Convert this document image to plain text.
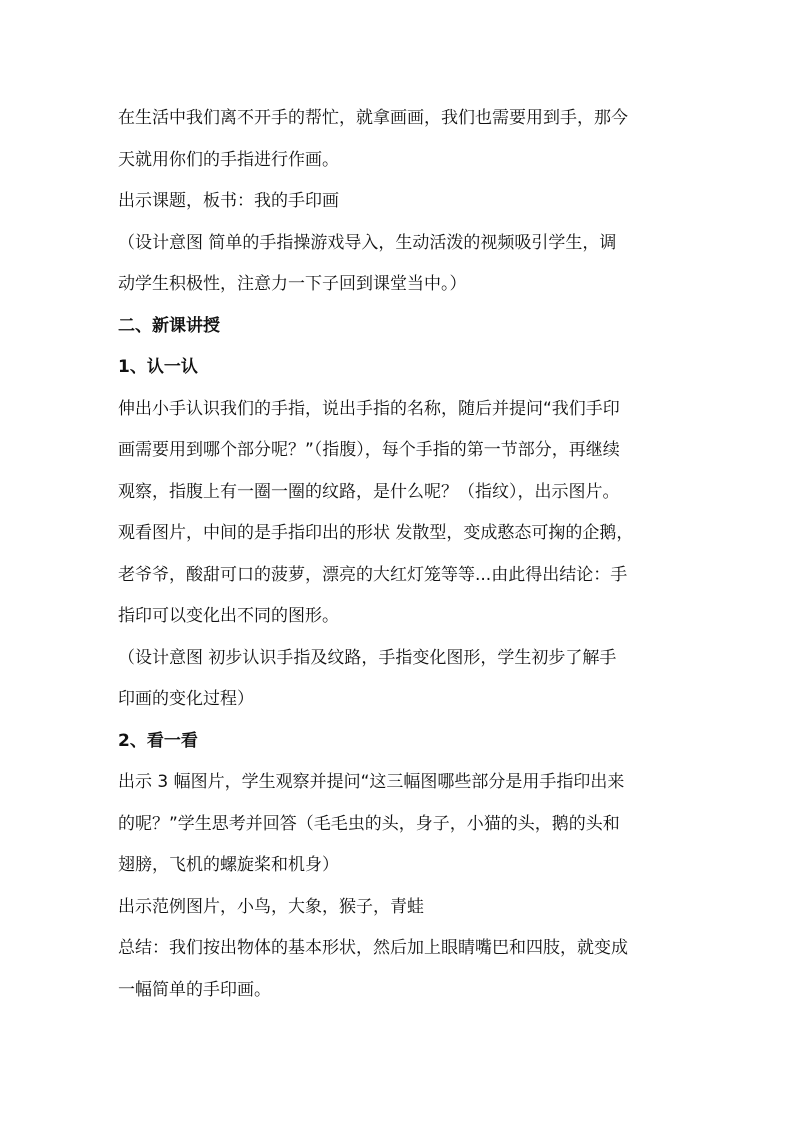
在生活中我们离不开手的帮忙，就拿画画，我们也需要用到手，那今
天就用你们的手指进行作画。
出示课题，板书：我的手印画
（设计意图 简单的手指操游戏导入，生动活泼的视频吸引学生，调
动学生积极性，注意力一下子回到课堂当中。）
二、新课讲授
1、认一认
伸出小手认识我们的手指，说出手指的名称，随后并提问“我们手印
画需要用到哪个部分呢？”（指腹），每个手指的第一节部分，再继续
观察，指腹上有一圈一圈的纹路，是什么呢？（指纹），出示图片。
观看图片，中间的是手指印出的形状 发散型，变成憨态可掬的企鹅，
老爷爷，酸甜可口的菠萝，漂亮的大红灯笼等等...由此得出结论：手
指印可以变化出不同的图形。
（设计意图 初步认识手指及纹路，手指变化图形，学生初步了解手
印画的变化过程）
2、看一看
出示 3 幅图片，学生观察并提问“这三幅图哪些部分是用手指印出来
的呢？”学生思考并回答（毛毛虫的头，身子，小猫的头，鹅的头和
翅膀，飞机的螺旋桨和机身）
出示范例图片，小鸟，大象，猴子，青蛙
总结：我们按出物体的基本形状，然后加上眼睛嘴巴和四肢，就变成
一幅简单的手印画。
